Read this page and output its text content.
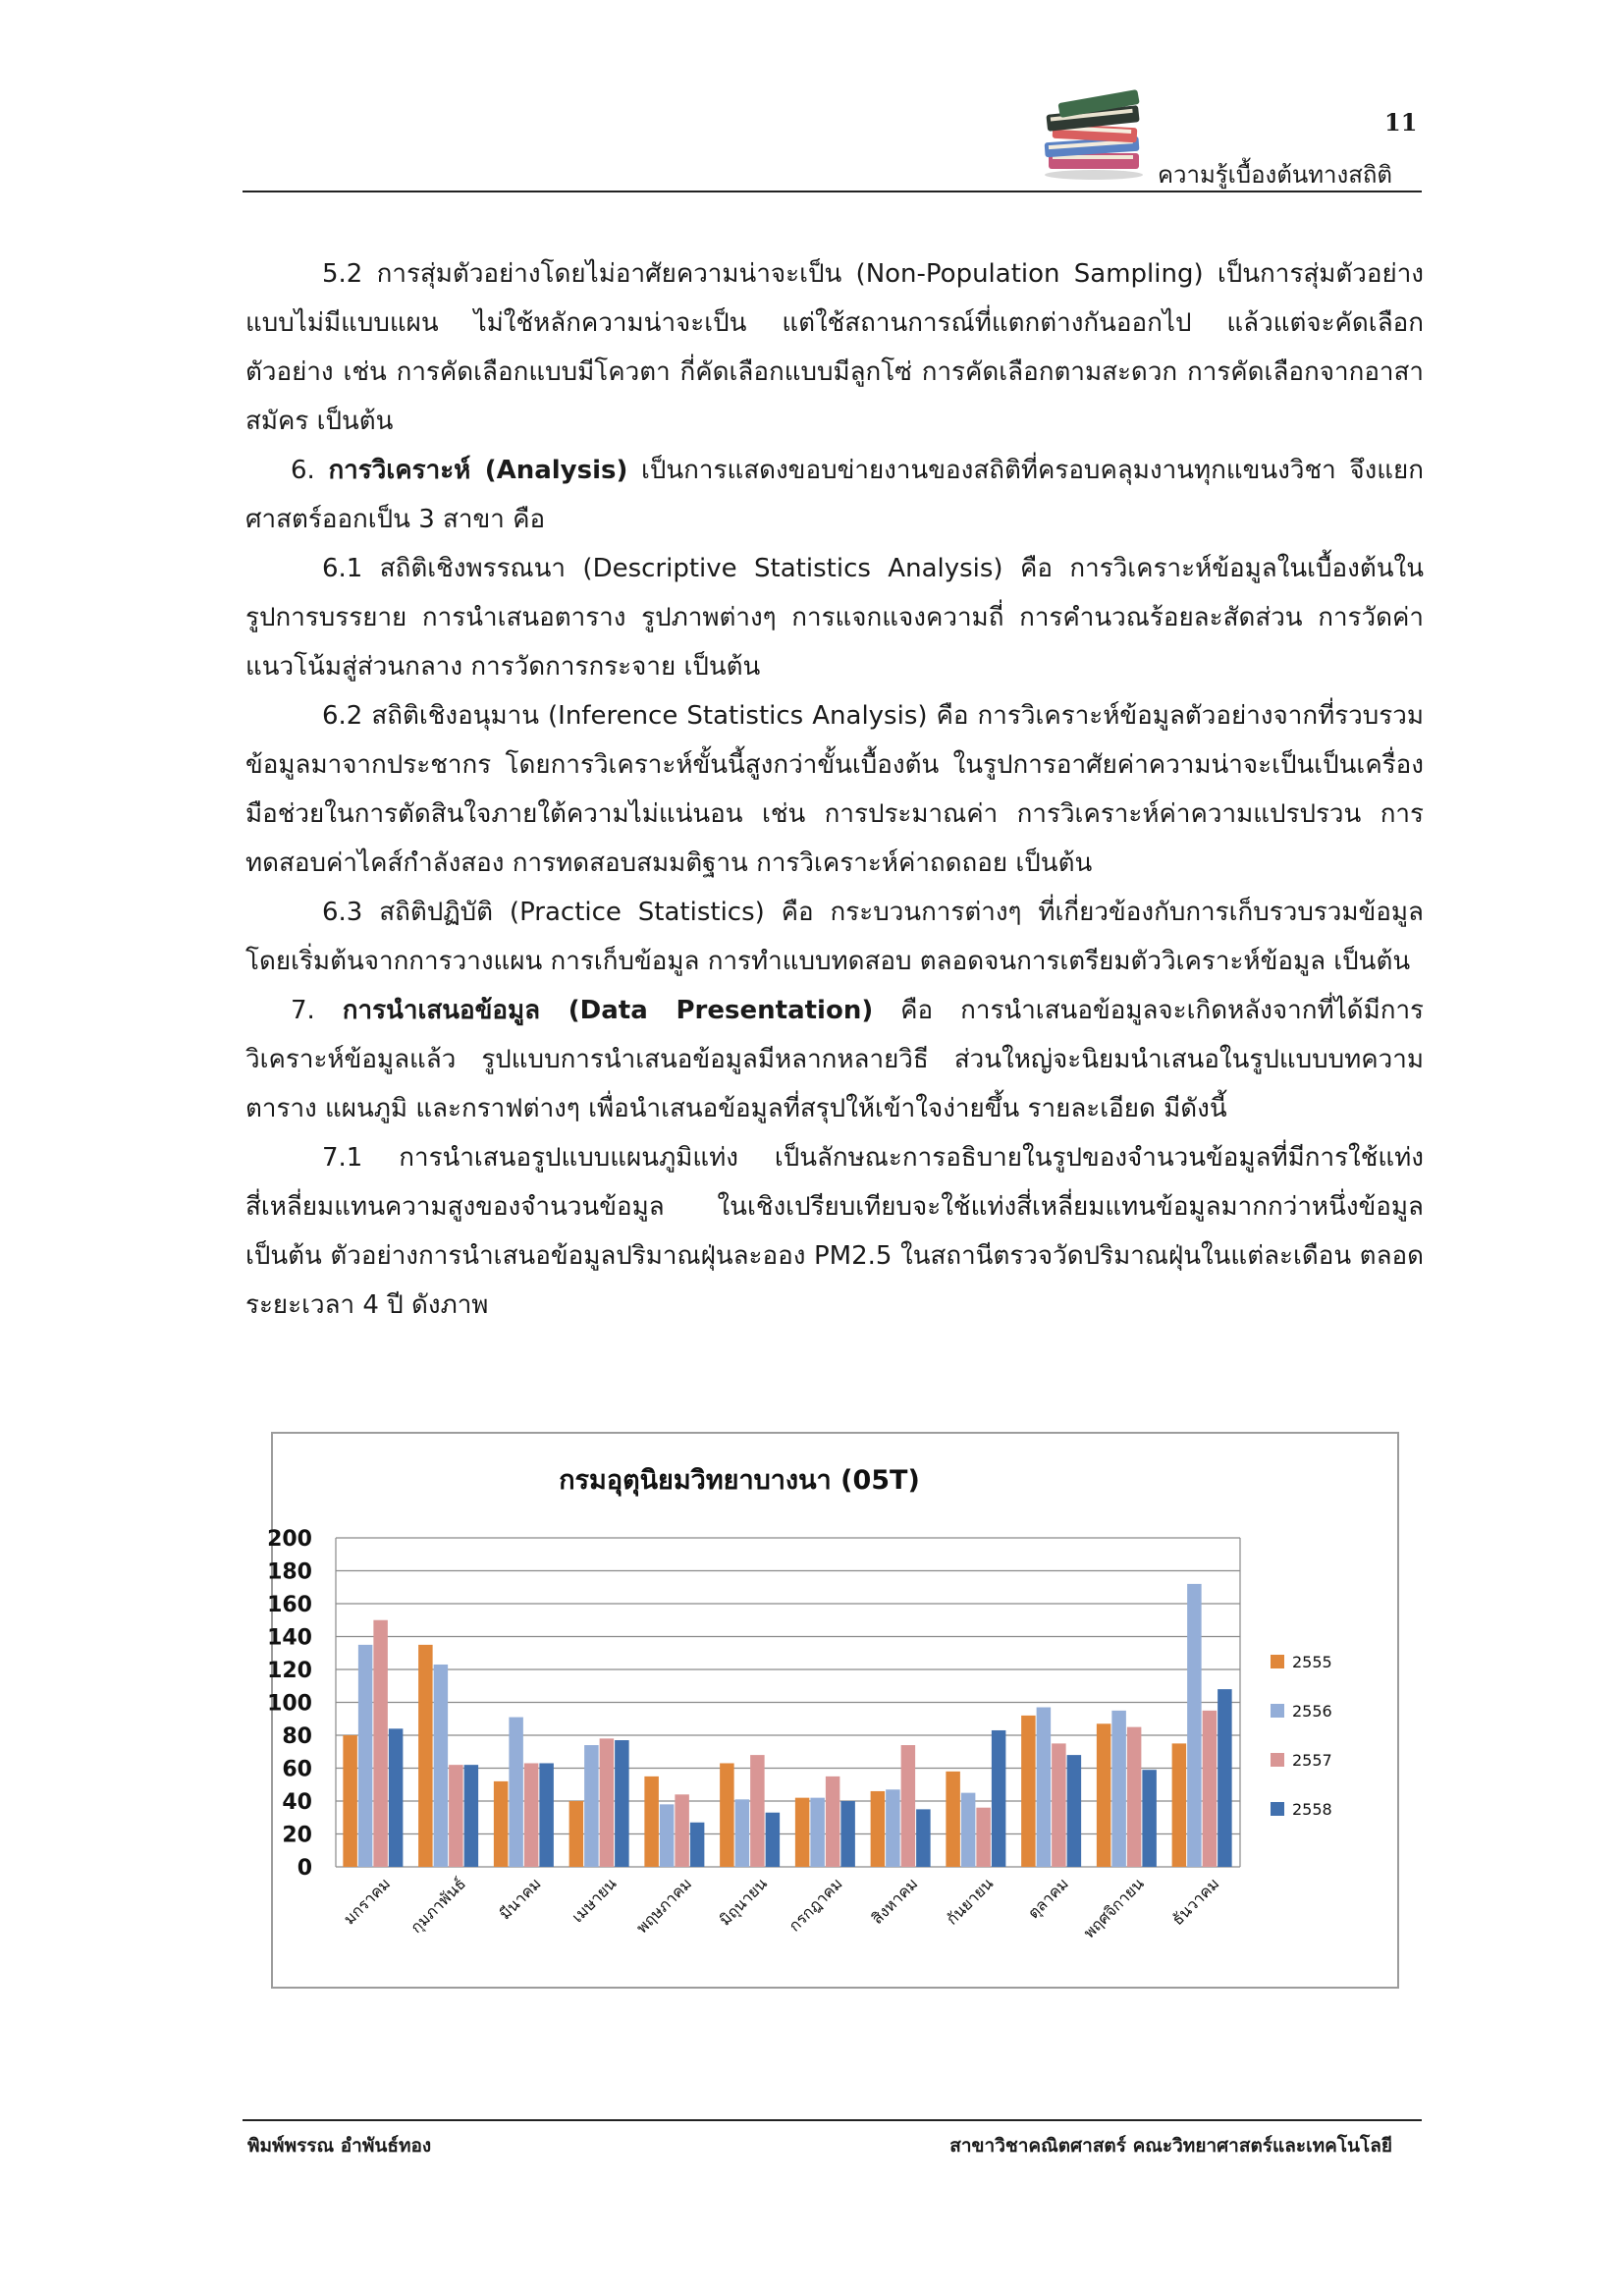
11
ความรู้เบื้องต้นทางสถิติ

5.2 การสุ่มตัวอย่างโดยไม่อาศัยความน่าจะเป็น (Non-Population Sampling) เป็นการสุ่มตัวอย่างแบบไม่มีแบบแผน ไม่ใช้หลักความน่าจะเป็น แต่ใช้สถานการณ์ที่แตกต่างกันออกไป แล้วแต่จะคัดเลือกตัวอย่าง เช่น การคัดเลือกแบบมีโควตา กี่คัดเลือกแบบมีลูกโซ่ การคัดเลือกตามสะดวก การคัดเลือกจากอาสาสมัคร เป็นต้น

6. การวิเคราะห์ (Analysis) เป็นการแสดงขอบข่ายงานของสถิติที่ครอบคลุมงานทุกแขนงวิชา จึงแยกศาสตร์ออกเป็น 3 สาขา คือ

6.1 สถิติเชิงพรรณนา (Descriptive Statistics Analysis) คือ การวิเคราะห์ข้อมูลในเบื้องต้นในรูปการบรรยาย การนำเสนอตาราง รูปภาพต่างๆ การแจกแจงความถี่ การคำนวณร้อยละสัดส่วน การวัดค่าแนวโน้มสู่ส่วนกลาง การวัดการกระจาย เป็นต้น

6.2 สถิติเชิงอนุมาน (Inference Statistics Analysis) คือ การวิเคราะห์ข้อมูลตัวอย่างจากที่รวบรวมข้อมูลมาจากประชากร โดยการวิเคราะห์ขั้นนี้สูงกว่าขั้นเบื้องต้น ในรูปการอาศัยค่าความน่าจะเป็นเป็นเครื่องมือช่วยในการตัดสินใจภายใต้ความไม่แน่นอน เช่น การประมาณค่า การวิเคราะห์ค่าความแปรปรวน การทดสอบค่าไคส์กำลังสอง การทดสอบสมมติฐาน การวิเคราะห์ค่าถดถอย เป็นต้น

6.3 สถิติปฏิบัติ (Practice Statistics) คือ กระบวนการต่างๆ ที่เกี่ยวข้องกับการเก็บรวบรวมข้อมูล โดยเริ่มต้นจากการวางแผน การเก็บข้อมูล การทำแบบทดสอบ ตลอดจนการเตรียมตัววิเคราะห์ข้อมูล เป็นต้น

7. การนำเสนอข้อมูล (Data Presentation) คือ การนำเสนอข้อมูลจะเกิดหลังจากที่ได้มีการวิเคราะห์ข้อมูลแล้ว รูปแบบการนำเสนอข้อมูลมีหลากหลายวิธี ส่วนใหญ่จะนิยมนำเสนอในรูปแบบบทความ ตาราง แผนภูมิ และกราฟต่างๆ เพื่อนำเสนอข้อมูลที่สรุปให้เข้าใจง่ายขึ้น รายละเอียด มีดังนี้

7.1 การนำเสนอรูปแบบแผนภูมิแท่ง เป็นลักษณะการอธิบายในรูปของจำนวนข้อมูลที่มีการใช้แท่งสี่เหลี่ยมแทนความสูงของจำนวนข้อมูล ในเชิงเปรียบเทียบจะใช้แท่งสี่เหลี่ยมแทนข้อมูลมากกว่าหนึ่งข้อมูล เป็นต้น ตัวอย่างการนำเสนอข้อมูลปริมาณฝุ่นละออง PM2.5 ในสถานีตรวจวัดปริมาณฝุ่นในแต่ละเดือน ตลอดระยะเวลา 4 ปี ดังภาพ

กรมอุตุนิยมวิทยาบางนา (05T)
0
20
40
60
80
100
120
140
160
180
200
มกราคม กุมภาพันธ์ มีนาคม เมษายน พฤษภาคม มิถุนายน กรกฎาคม สิงหาคม กันยายน ตุลาคม พฤศจิกายน ธันวาคม
2555
2556
2557
2558
พิมพ์พรรณ อำพันธ์ทอง	สาขาวิชาคณิตศาสตร์ คณะวิทยาศาสตร์และเทคโนโลยี
